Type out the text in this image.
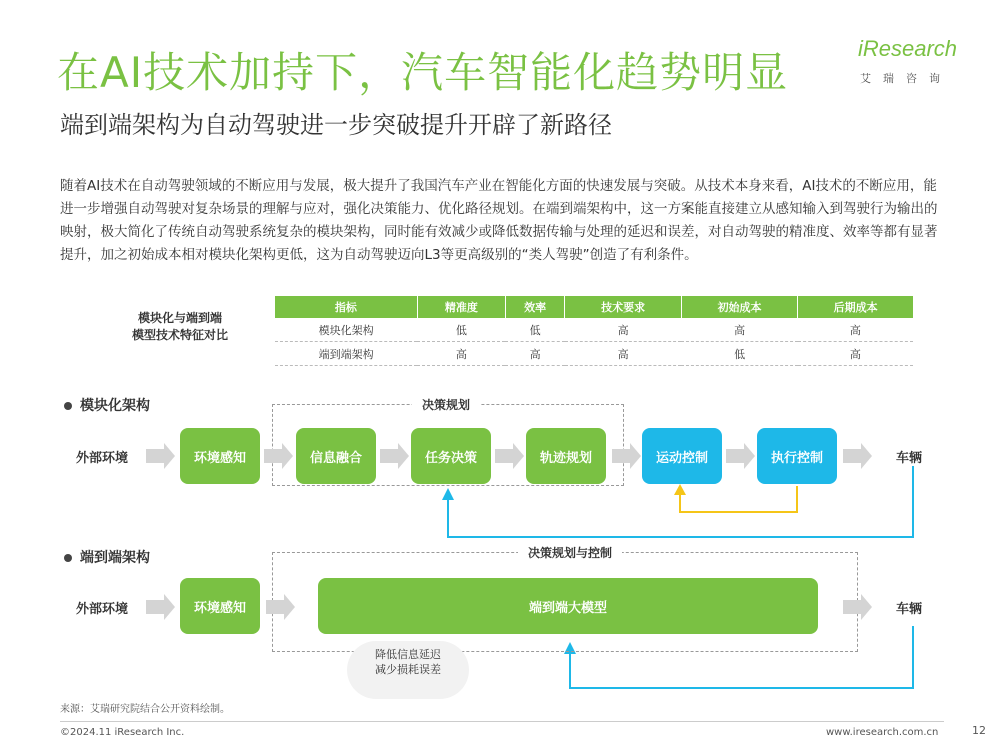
在AI技术加持下，汽车智能化趋势明显
端到端架构为自动驾驶进一步突破提升开辟了新路径
iResearch
艾瑞咨询
随着AI技术在自动驾驶领域的不断应用与发展，极大提升了我国汽车产业在智能化方面的快速发展与突破。从技术本身来看，AI技术的不断应用，能进一步增强自动驾驶对复杂场景的理解与应对，强化决策能力、优化路径规划。在端到端架构中，这一方案能直接建立从感知输入到驾驶行为输出的映射，极大简化了传统自动驾驶系统复杂的模块架构，同时能有效减少或降低数据传输与处理的延迟和误差，对自动驾驶的精准度、效率等都有显著提升，加之初始成本相对模块化架构更低，这为自动驾驶迈向L3等更高级别的“类人驾驶”创造了有利条件。
模块化与端到端
模型技术特征对比
指标	精准度	效率	技术要求	初始成本	后期成本
模块化架构	低	低	高	高	高
端到端架构	高	高	高	低	高
模块化架构	决策规划
外部环境	环境感知	信息融合	任务决策	轨迹规划	运动控制	执行控制	车辆
端到端架构	决策规划与控制
外部环境	环境感知	端到端大模型	车辆
降低信息延迟
减少损耗误差
来源：艾瑞研究院结合公开资料绘制。
©2024.11 iResearch Inc.	www.iresearch.com.cn	12
